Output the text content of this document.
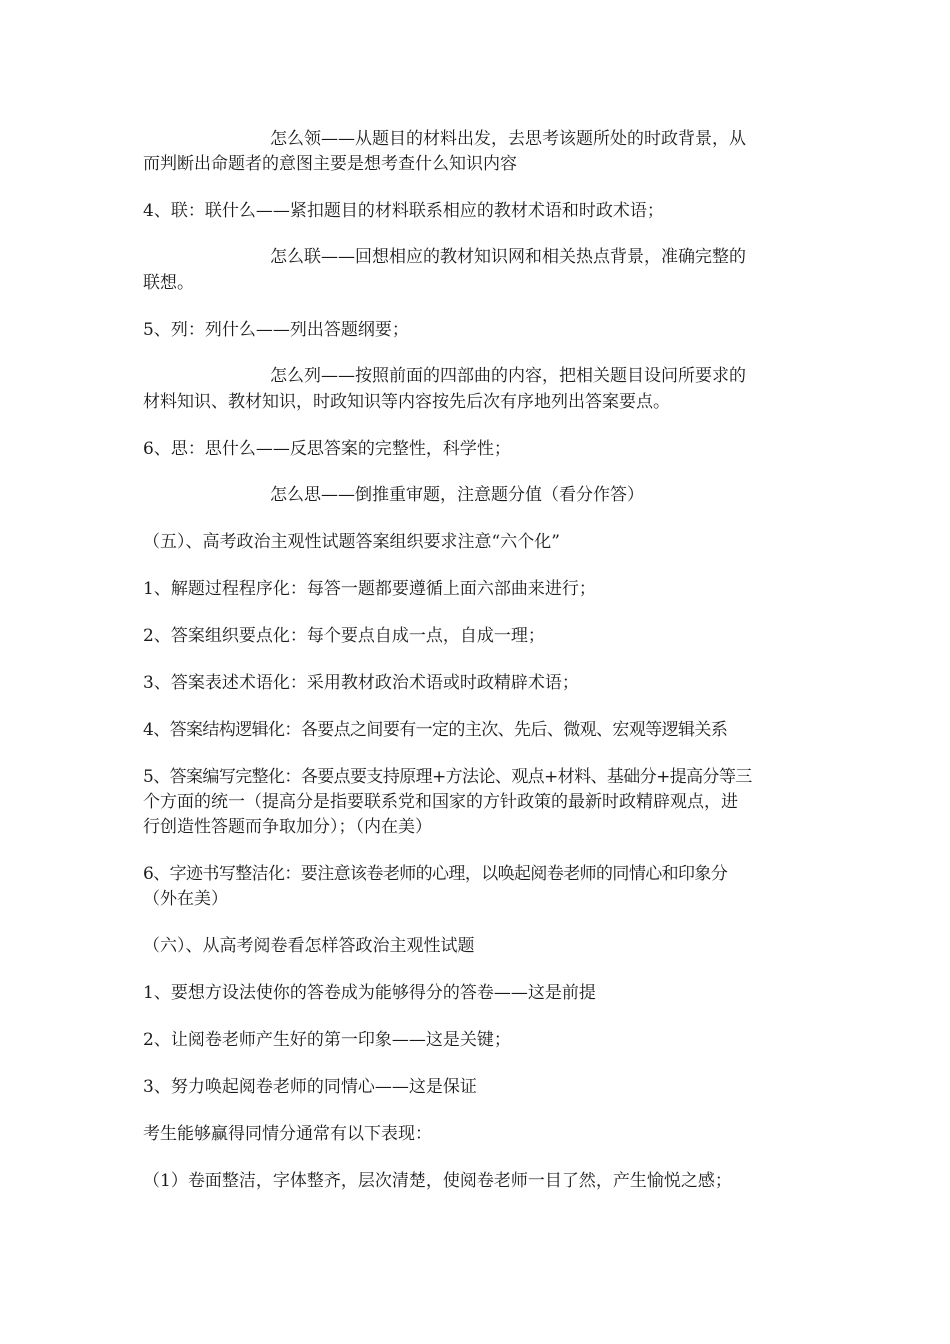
怎么领——从题目的材料出发，去思考该题所处的时政背景，从

而判断出命题者的意图主要是想考查什么知识内容

4、联：联什么——紧扣题目的材料联系相应的教材术语和时政术语；

怎么联——回想相应的教材知识网和相关热点背景，准确完整的

联想。

5、列：列什么——列出答题纲要；

怎么列——按照前面的四部曲的内容，把相关题目设问所要求的

材料知识、教材知识，时政知识等内容按先后次有序地列出答案要点。

6、思：思什么——反思答案的完整性，科学性；

怎么思——倒推重审题，注意题分值（看分作答）

（五）、高考政治主观性试题答案组织要求注意“六个化”

1、解题过程程序化：每答一题都要遵循上面六部曲来进行；

2、答案组织要点化：每个要点自成一点，自成一理；

3、答案表述术语化：采用教材政治术语或时政精辟术语；

4、答案结构逻辑化：各要点之间要有一定的主次、先后、微观、宏观等逻辑关系

5、答案编写完整化：各要点要支持原理+方法论、观点+材料、基础分+提高分等三

个方面的统一（提高分是指要联系党和国家的方针政策的最新时政精辟观点，进

行创造性答题而争取加分）；（内在美）

6、字迹书写整洁化：要注意该卷老师的心理，以唤起阅卷老师的同情心和印象分

（外在美）

（六）、从高考阅卷看怎样答政治主观性试题

1、要想方设法使你的答卷成为能够得分的答卷——这是前提

2、让阅卷老师产生好的第一印象——这是关键；

3、努力唤起阅卷老师的同情心——这是保证

考生能够赢得同情分通常有以下表现：

（1）卷面整洁，字体整齐，层次清楚，使阅卷老师一目了然，产生愉悦之感；
